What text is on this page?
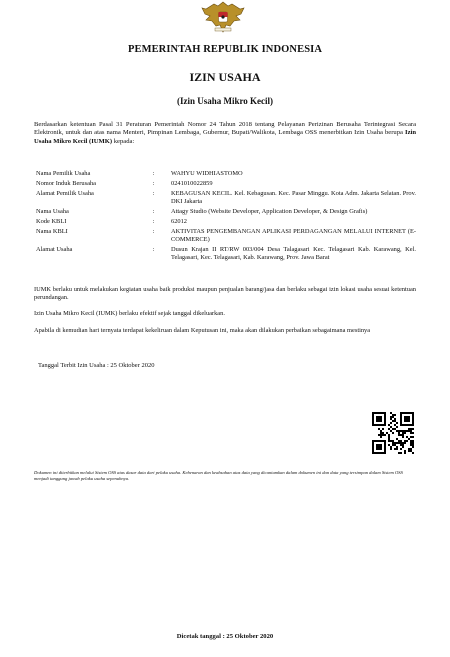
PEMERINTAH REPUBLIK INDONESIA
IZIN USAHA
(Izin Usaha Mikro Kecil)
Berdasarkan ketentuan Pasal 31 Peraturan Pemerintah Nomor 24 Tahun 2018 tentang Pelayanan Perizinan Berusaha Terintegrasi Secara Elektronik, untuk dan atas nama Menteri, Pimpinan Lembaga, Gubernur, Bupati/Walikota, Lembaga OSS menerbitkan Izin Usaha berupa Izin Usaha Mikro Kecil (IUMK) kepada:
Nama Pemilik Usaha	:	WAHYU WIDHIASTOMO
Nomor Induk Berusaha	:	0241010022859
Alamat Pemilik Usaha	:	KEBAGUSAN KECIL. Kel. Kebagusan. Kec. Pasar Minggu. Kota Adm. Jakarta Selatan. Prov. DKI Jakarta
Nama Usaha	:	Attagy Studio (Website Developer, Application Developer, & Design Grafis)
Kode KBLI	:	62012
Nama KBLI	:	AKTIVITAS PENGEMBANGAN APLIKASI PERDAGANGAN MELALUI INTERNET (E-COMMERCE)
Alamat Usaha	:	Dusun Krajan II RT/RW 003/004 Desa Talagasari Kec. Telagasari Kab. Karawang, Kel. Telagasari, Kec. Telagasari, Kab. Karawang, Prov. Jawa Barat
IUMK berlaku untuk melakukan kegiatan usaha baik produksi maupun penjualan barang/jasa dan berlaku sebagai izin lokasi usaha sesuai ketentuan perundangan.
Izin Usaha Mikro Kecil (IUMK) berlaku efektif sejak tanggal dikeluarkan.
Apabila di kemudian hari ternyata terdapat kekeliruan dalam Keputusan ini, maka akan dilakukan perbaikan sebagaimana mestinya
Tanggal Terbit Izin Usaha : 25 Oktober 2020
Dokumen ini diterbitkan melalui Sistem OSS atas dasar data dari pelaku usaha. Kebenaran dan keabsahan atas data yang dicantumkan dalam dokumen ini dan data yang tersimpan dalam Sistem OSS menjadi tanggung jawab pelaku usaha sepenuhnya.
Dicetak tanggal : 25 Oktober 2020
